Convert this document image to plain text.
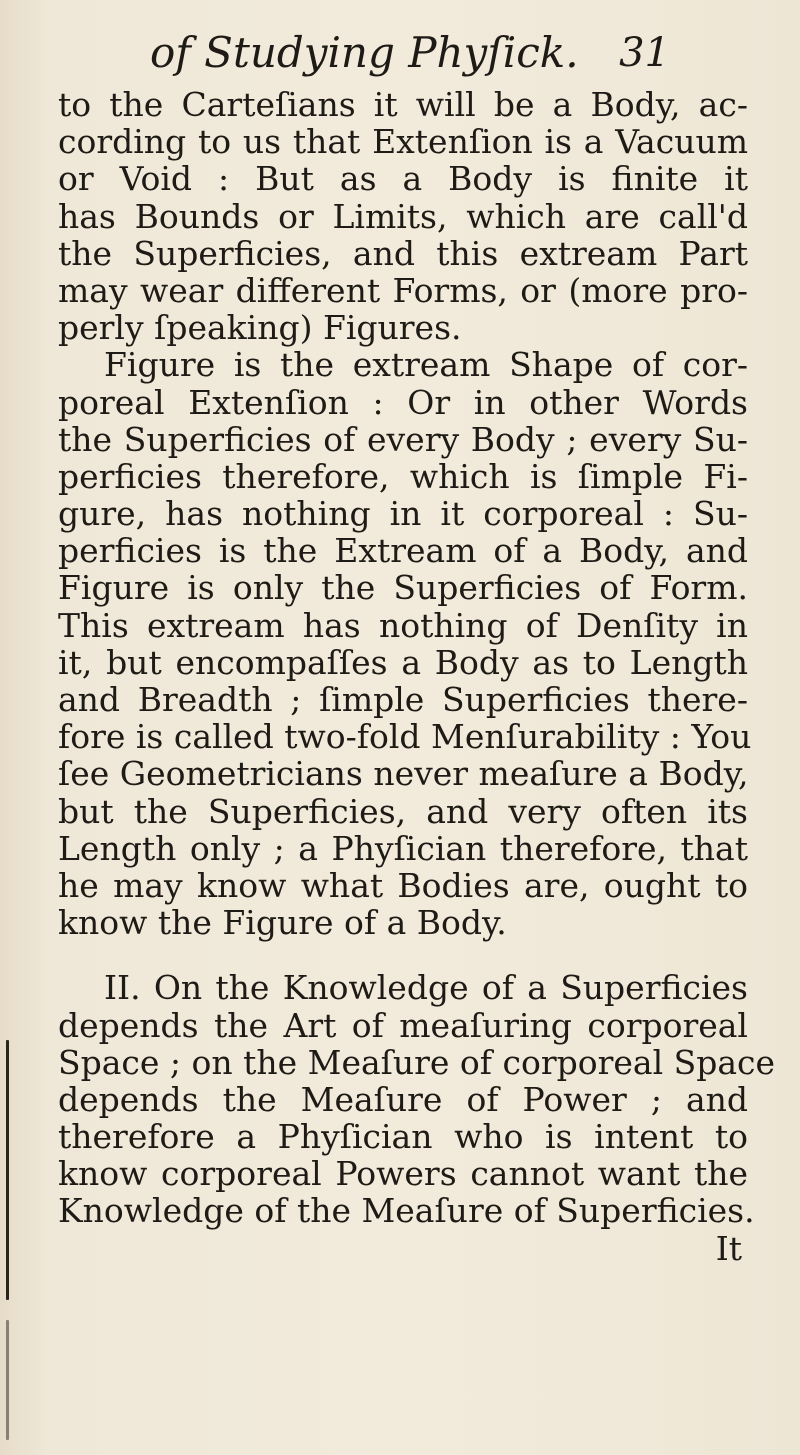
of Studying Phyſick. 31
to the Carteſians it will be a Body, ac-
cording to us that Extenſion is a Vacuum
or Void : But as a Body is finite it
has Bounds or Limits, which are call'd
the Superficies, and this extream Part
may wear different Forms, or (more pro-
perly ſpeaking) Figures.
Figure is the extream Shape of cor-
poreal Extenſion : Or in other Words
the Superficies of every Body ; every Su-
perficies therefore, which is ſimple Fi-
gure, has nothing in it corporeal : Su-
perficies is the Extream of a Body, and
Figure is only the Superficies of Form.
This extream has nothing of Denſity in
it, but encompaſſes a Body as to Length
and Breadth ; ſimple Superficies there-
fore is called two-fold Menſurability : You
ſee Geometricians never meaſure a Body,
but the Superficies, and very often its
Length only ; a Phyſician therefore, that
he may know what Bodies are, ought to
know the Figure of a Body.
II. On the Knowledge of a Superficies
depends the Art of meaſuring corporeal
Space ; on the Meaſure of corporeal Space
depends the Meaſure of Power ; and
therefore a Phyſician who is intent to
know corporeal Powers cannot want the
Knowledge of the Meaſure of Superficies.
It
